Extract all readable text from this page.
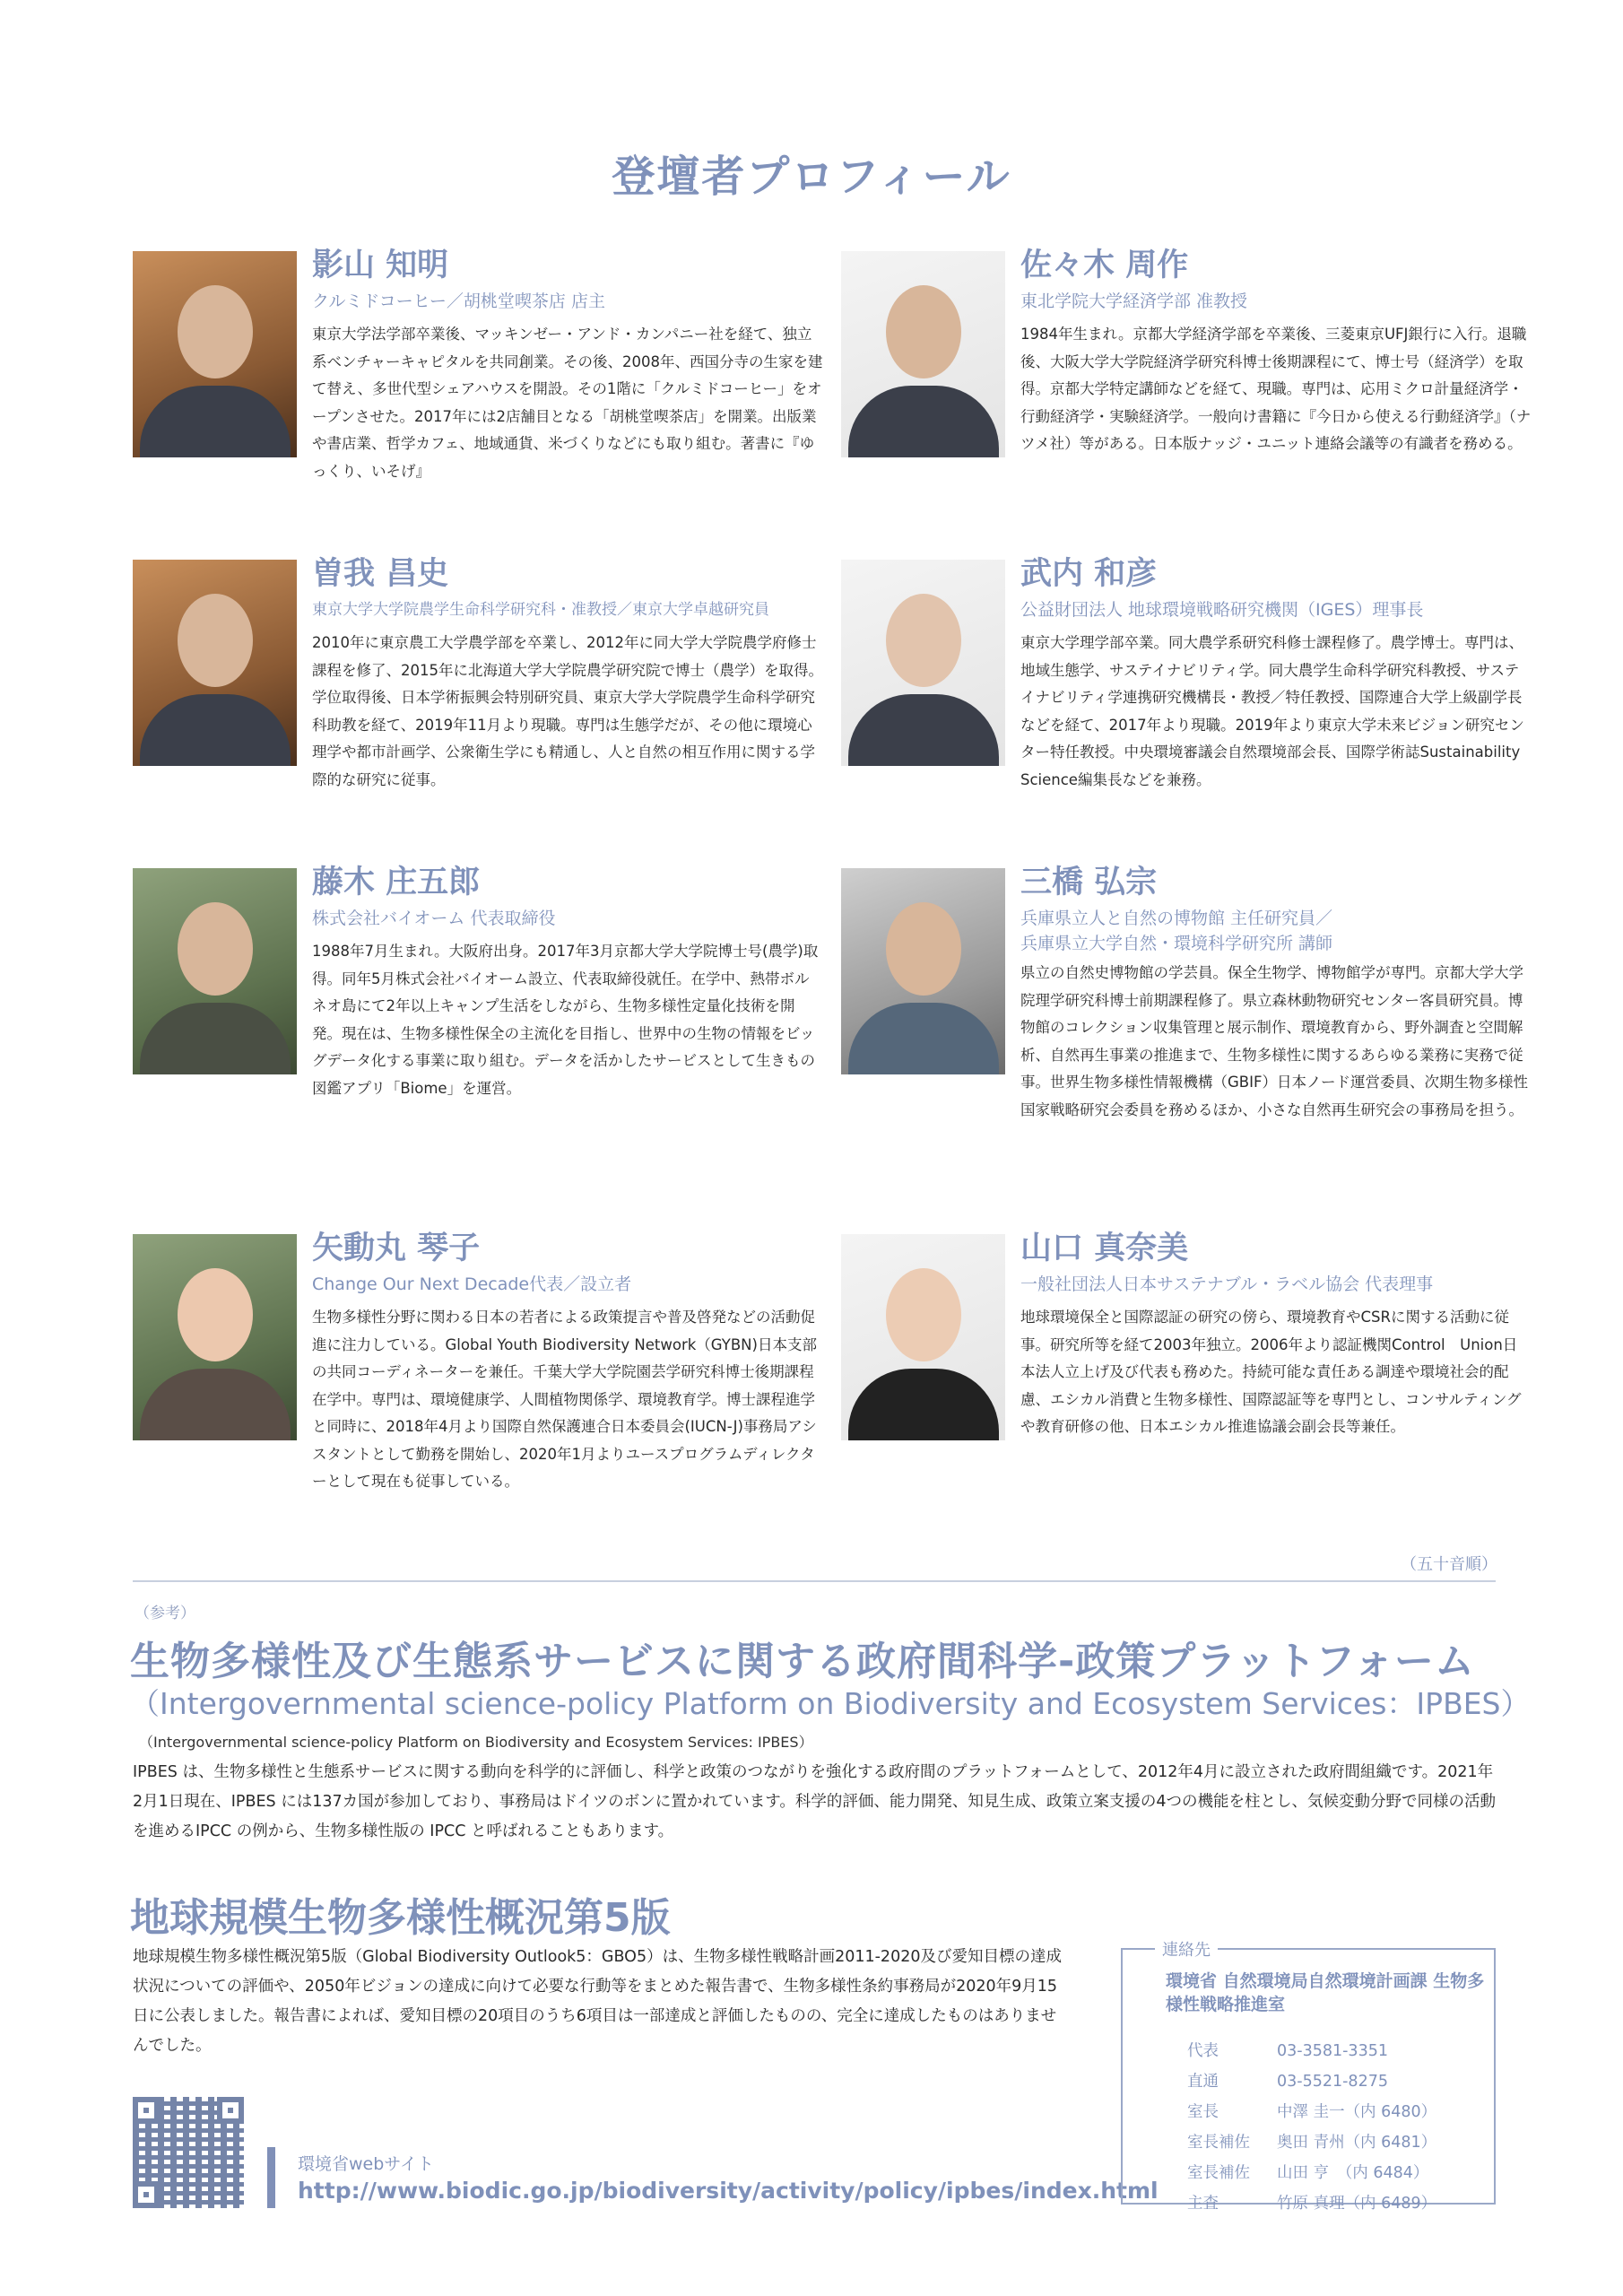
登壇者プロフィール
影山 知明
クルミドコーヒー／胡桃堂喫茶店 店主
東京大学法学部卒業後、マッキンゼー・アンド・カンパニー社を経て、独立系ベンチャーキャピタルを共同創業。その後、2008年、西国分寺の生家を建て替え、多世代型シェアハウスを開設。その1階に「クルミドコーヒー」をオープンさせた。2017年には2店舗目となる「胡桃堂喫茶店」を開業。出版業や書店業、哲学カフェ、地域通貨、米づくりなどにも取り組む。著書に『ゆっくり、いそげ』
佐々木 周作
東北学院大学経済学部 准教授
1984年生まれ。京都大学経済学部を卒業後、三菱東京UFJ銀行に入行。退職後、大阪大学大学院経済学研究科博士後期課程にて、博士号（経済学）を取得。京都大学特定講師などを経て、現職。専門は、応用ミクロ計量経済学・行動経済学・実験経済学。一般向け書籍に『今日から使える行動経済学』（ナツメ社）等がある。日本版ナッジ・ユニット連絡会議等の有識者を務める。
曽我 昌史
東京大学大学院農学生命科学研究科・准教授／東京大学卓越研究員
2010年に東京農工大学農学部を卒業し、2012年に同大学大学院農学府修士課程を修了、2015年に北海道大学大学院農学研究院で博士（農学）を取得。学位取得後、日本学術振興会特別研究員、東京大学大学院農学生命科学研究科助教を経て、2019年11月より現職。専門は生態学だが、その他に環境心理学や都市計画学、公衆衛生学にも精通し、人と自然の相互作用に関する学際的な研究に従事。
武内 和彦
公益財団法人 地球環境戦略研究機関（IGES）理事長
東京大学理学部卒業。同大農学系研究科修士課程修了。農学博士。専門は、地域生態学、サステイナビリティ学。同大農学生命科学研究科教授、サステイナビリティ学連携研究機構長・教授／特任教授、国際連合大学上級副学長などを経て、2017年より現職。2019年より東京大学未来ビジョン研究センター特任教授。中央環境審議会自然環境部会長、国際学術誌Sustainability Science編集長などを兼務。
藤木 庄五郎
株式会社バイオーム 代表取締役
1988年7月生まれ。大阪府出身。2017年3月京都大学大学院博士号(農学)取得。同年5月株式会社バイオーム設立、代表取締役就任。在学中、熱帯ボルネオ島にて2年以上キャンプ生活をしながら、生物多様性定量化技術を開発。現在は、生物多様性保全の主流化を目指し、世界中の生物の情報をビッグデータ化する事業に取り組む。データを活かしたサービスとして生きもの図鑑アプリ「Biome」を運営。
三橋 弘宗
兵庫県立人と自然の博物館 主任研究員／
兵庫県立大学自然・環境科学研究所 講師
県立の自然史博物館の学芸員。保全生物学、博物館学が専門。京都大学大学院理学研究科博士前期課程修了。県立森林動物研究センター客員研究員。博物館のコレクション収集管理と展示制作、環境教育から、野外調査と空間解析、自然再生事業の推進まで、生物多様性に関するあらゆる業務に実務で従事。世界生物多様性情報機構（GBIF）日本ノード運営委員、次期生物多様性国家戦略研究会委員を務めるほか、小さな自然再生研究会の事務局を担う。
矢動丸 琴子
Change Our Next Decade代表／設立者
生物多様性分野に関わる日本の若者による政策提言や普及啓発などの活動促進に注力している。Global Youth Biodiversity Network（GYBN)日本支部の共同コーディネーターを兼任。千葉大学大学院園芸学研究科博士後期課程在学中。専門は、環境健康学、人間植物関係学、環境教育学。博士課程進学と同時に、2018年4月より国際自然保護連合日本委員会(IUCN-J)事務局アシスタントとして勤務を開始し、2020年1月よりユースプログラムディレクターとして現在も従事している。
山口 真奈美
一般社団法人日本サステナブル・ラベル協会 代表理事
地球環境保全と国際認証の研究の傍ら、環境教育やCSRに関する活動に従事。研究所等を経て2003年独立。2006年より認証機関Control　Union日本法人立上げ及び代表も務めた。持続可能な責任ある調達や環境社会的配慮、エシカル消費と生物多様性、国際認証等を専門とし、コンサルティングや教育研修の他、日本エシカル推進協議会副会長等兼任。
（五十音順）
（参考）
生物多様性及び生態系サービスに関する政府間科学-政策プラットフォーム
（Intergovernmental science-policy Platform on Biodiversity and Ecosystem Services：IPBES）
（Intergovernmental science-policy Platform on Biodiversity and Ecosystem Services: IPBES）
IPBES は、生物多様性と生態系サービスに関する動向を科学的に評価し、科学と政策のつながりを強化する政府間のプラットフォームとして、2012年4月に設立された政府間組織です。2021年2月1日現在、IPBES には137カ国が参加しており、事務局はドイツのボンに置かれています。科学的評価、能力開発、知見生成、政策立案支援の4つの機能を柱とし、気候変動分野で同様の活動を進めるIPCC の例から、生物多様性版の IPCC と呼ばれることもあります。
地球規模生物多様性概況第5版
地球規模生物多様性概況第5版（Global Biodiversity Outlook5：GBO5）は、生物多様性戦略計画2011-2020及び愛知目標の達成状況についての評価や、2050年ビジョンの達成に向けて必要な行動等をまとめた報告書で、生物多様性条約事務局が2020年9月15日に公表しました。報告書によれば、愛知目標の20項目のうち6項目は一部達成と評価したものの、完全に達成したものはありませんでした。
環境省webサイト
http://www.biodic.go.jp/biodiversity/activity/policy/ipbes/index.html
連絡先
環境省 自然環境局自然環境計画課 生物多様性戦略推進室
代表	03-3581-3351
直通	03-5521-8275
室長	中澤 圭一（内 6480）
室長補佐 奥田 青州（内 6481）
室長補佐 山田 亨　（内 6484）
主査	竹原 真理（内 6489）
